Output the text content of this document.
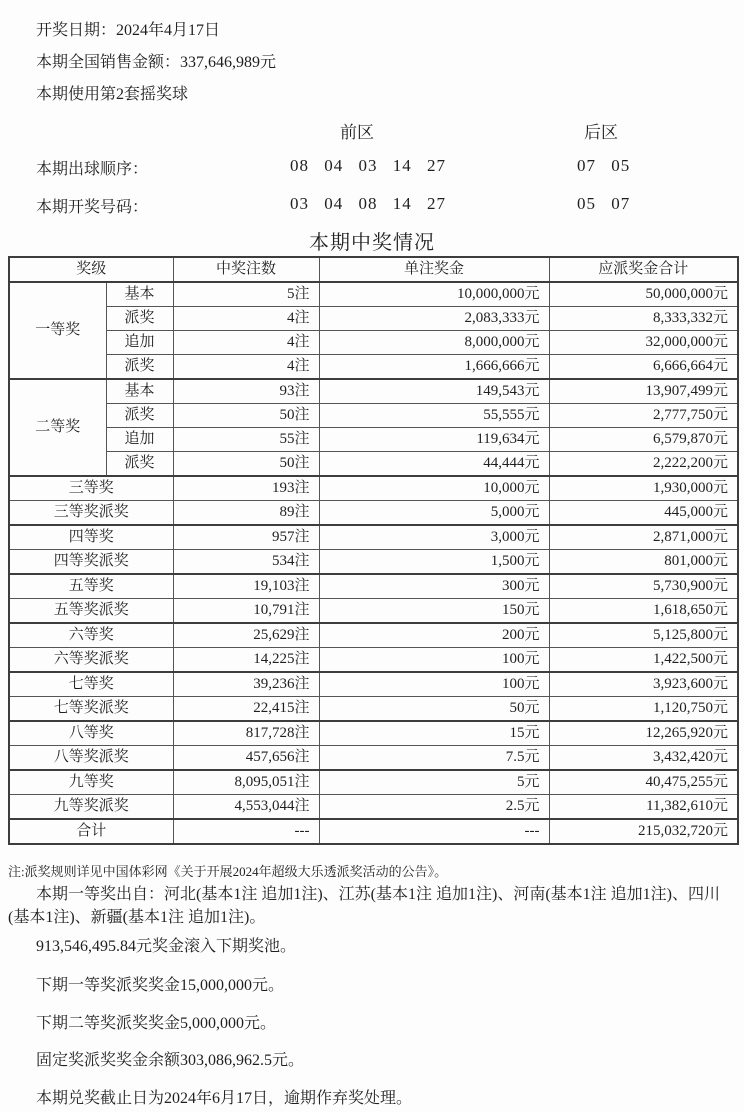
开奖日期：2024年4月17日

本期全国销售金额：337,646,989元

本期使用第2套摇奖球

前区	后区
本期出球顺序：	08 04 03 14 27	07 05
本期开奖号码：	03 04 08 14 27	05 07
本期中奖情况
奖级		中奖注数	单注奖金	应派奖金合计
一等奖	基本	5注	10,000,000元	50,000,000元
	派奖	4注	2,083,333元	8,333,332元
	追加	4注	8,000,000元	32,000,000元
	派奖	4注	1,666,666元	6,666,664元
二等奖	基本	93注	149,543元	13,907,499元
	派奖	50注	55,555元	2,777,750元
	追加	55注	119,634元	6,579,870元
	派奖	50注	44,444元	2,222,200元
三等奖		193注	10,000元	1,930,000元
三等奖派奖		89注	5,000元	445,000元
四等奖		957注	3,000元	2,871,000元
四等奖派奖		534注	1,500元	801,000元
五等奖		19,103注	300元	5,730,900元
五等奖派奖		10,791注	150元	1,618,650元
六等奖		25,629注	200元	5,125,800元
六等奖派奖		14,225注	100元	1,422,500元
七等奖		39,236注	100元	3,923,600元
七等奖派奖		22,415注	50元	1,120,750元
八等奖		817,728注	15元	12,265,920元
八等奖派奖		457,656注	7.5元	3,432,420元
九等奖		8,095,051注	5元	40,475,255元
九等奖派奖		4,553,044注	2.5元	11,382,610元
合计		---	---	215,032,720元

注:派奖规则详见中国体彩网《关于开展2024年超级大乐透派奖活动的公告》。

本期一等奖出自：河北(基本1注 追加1注)、江苏(基本1注 追加1注)、河南(基本1注 追加1注)、四川(基本1注)、新疆(基本1注 追加1注)。

913,546,495.84元奖金滚入下期奖池。

下期一等奖派奖奖金15,000,000元。

下期二等奖派奖奖金5,000,000元。

固定奖派奖奖金余额303,086,962.5元。

本期兑奖截止日为2024年6月17日，逾期作弃奖处理。
